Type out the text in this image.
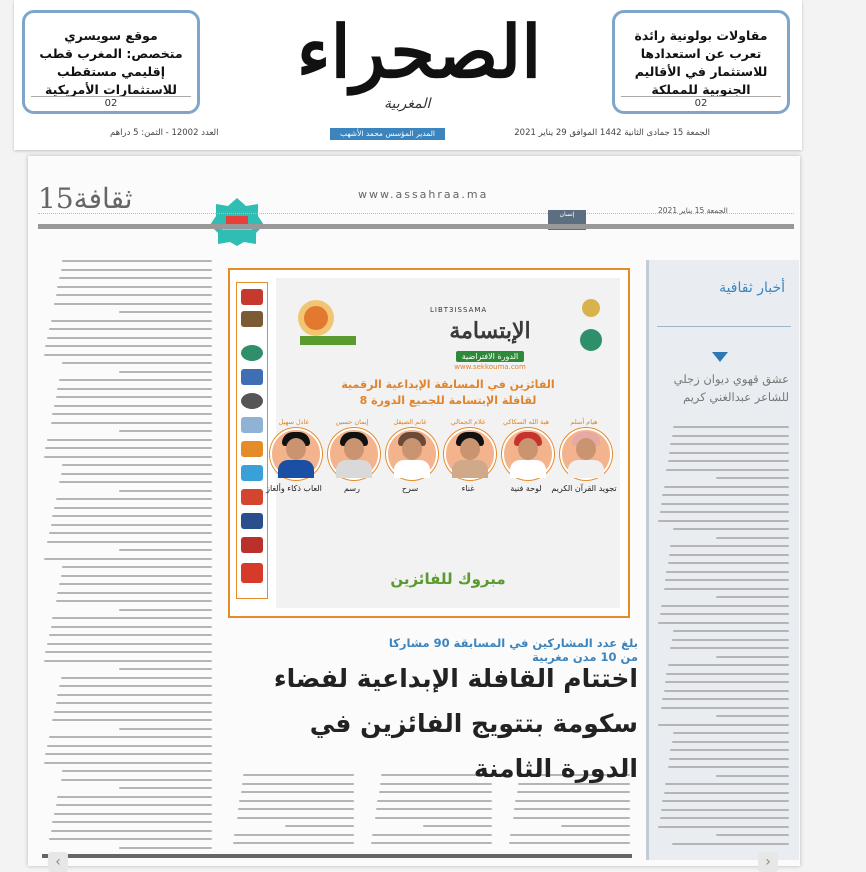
موقع سويسري متخصص: المغرب قطب إقليمي مستقطب للاستثمارات الأمريكية
02
الصحراء
المغربية
مقاولات بولونية رائدة تعرب عن استعدادها للاستثمار في الأقاليم الجنوبية للمملكة
02
العدد 12002 - الثمن: 5 دراهم	المدير المؤسس محمد الأشهب	الجمعة 15 جمادى الثانية 1442 الموافق 29 يناير 2021
15ثقافة	www.assahraa.ma
إنسان	الجمعة 15 يناير 2021
أخبار ثقافية
عشق قهوي ديوان زجلي للشاعر عبدالغني كريم
LIBT3ISSAMA
الإبتسامة
الدورة الافتراضية
www.sekkouma.com
الفائزين في المسابقة الإبداعية الرقمية
لقافلة الإبتسامة للجميع الدورة 8
هيام أسلم
تجويد القرآن الكريم
هبة الله السكاكي
لوحة فنية
غلام الجمالي
غناء
غانم الصيقل
سرح
إيمان حسين
رسم
عادل سهيل
العاب ذكاء وألغاز
مبروك للفائزين
بلغ عدد المشاركين في المسابقة 90 مشاركا من 10 مدن مغربية
اختتام القافلة الإبداعية لفضاء سكومة بتتويج الفائزين في الدورة الثامنة
‹	›
